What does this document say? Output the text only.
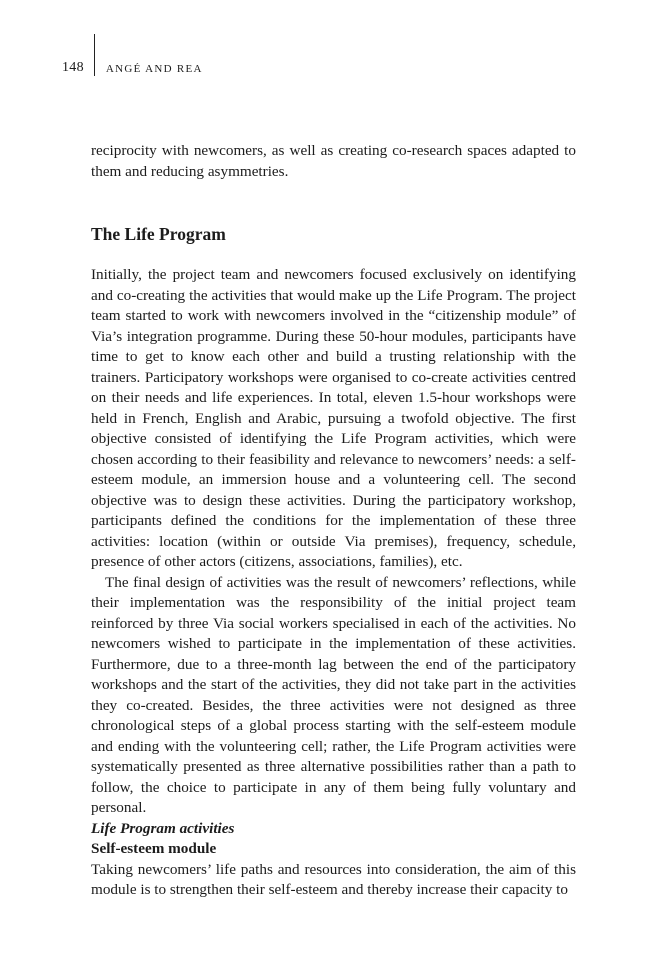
148 ANGÉ AND REA

reciprocity with newcomers, as well as creating co-research spaces adapted to them and reducing asymmetries.

The Life Program

Initially, the project team and newcomers focused exclusively on identifying and co-creating the activities that would make up the Life Program. The project team started to work with newcomers involved in the “citizenship module” of Via’s integration programme. During these 50-hour modules, participants have time to get to know each other and build a trusting relationship with the trainers. Participatory workshops were organised to co-create activities centred on their needs and life experiences. In total, eleven 1.5-hour workshops were held in French, English and Arabic, pursuing a twofold objective. The first objective consisted of identifying the Life Program activities, which were chosen according to their feasibility and relevance to newcomers’ needs: a self-esteem module, an immersion house and a volunteering cell. The second objective was to design these activities. During the participatory workshop, participants defined the conditions for the implementation of these three activities: location (within or outside Via premises), frequency, schedule, presence of other actors (citizens, associations, families), etc.

The final design of activities was the result of newcomers’ reflections, while their implementation was the responsibility of the initial project team reinforced by three Via social workers specialised in each of the activities. No newcomers wished to participate in the implementation of these activities. Furthermore, due to a three-month lag between the end of the participatory workshops and the start of the activities, they did not take part in the activities they co-created. Besides, the three activities were not designed as three chronological steps of a global process starting with the self-esteem module and ending with the volunteering cell; rather, the Life Program activities were systematically presented as three alternative possibilities rather than a path to follow, the choice to participate in any of them being fully voluntary and personal.

Life Program activities

Self-esteem module

Taking newcomers’ life paths and resources into consideration, the aim of this module is to strengthen their self-esteem and thereby increase their capacity to
